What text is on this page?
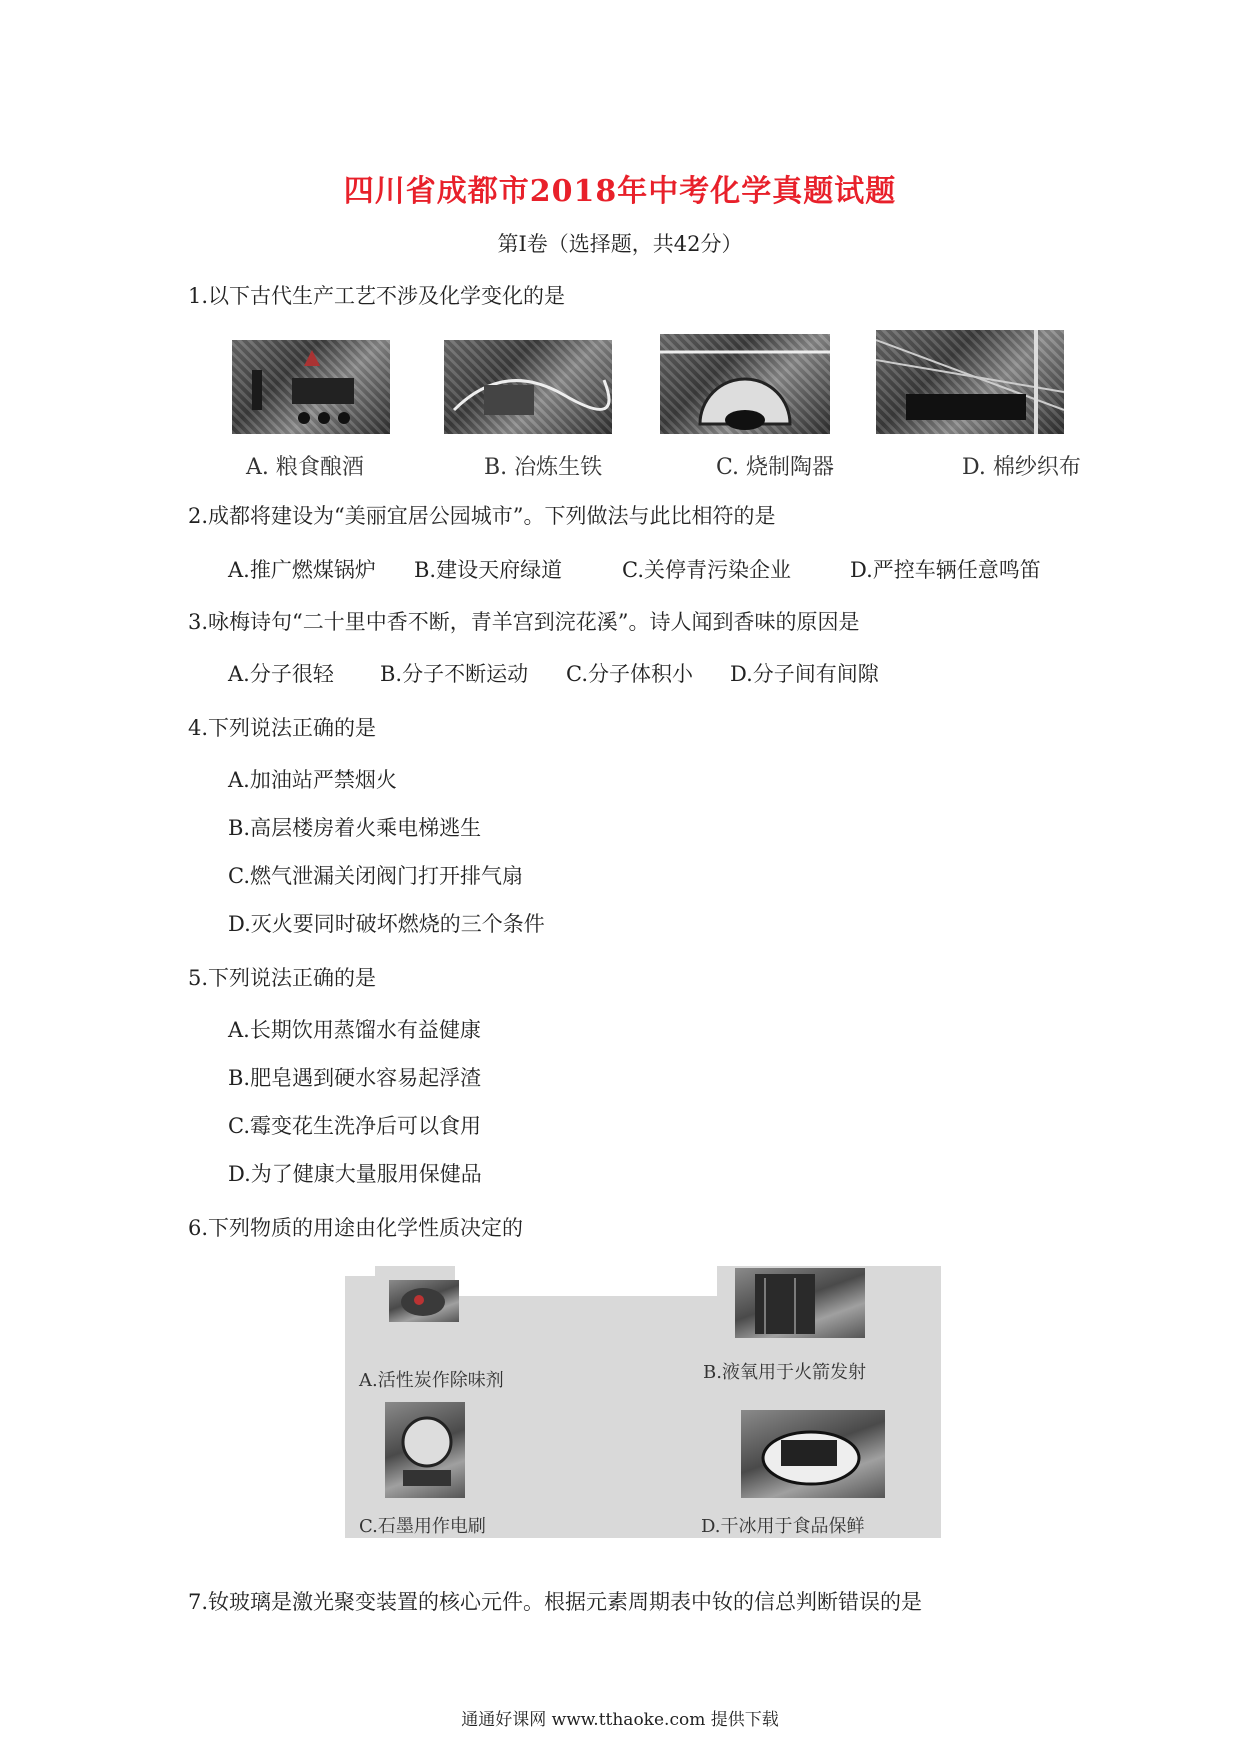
四川省成都市2018年中考化学真题试题
第Ⅰ卷（选择题，共42分）
1.以下古代生产工艺不涉及化学变化的是
A. 粮食酿酒	B. 冶炼生铁	C. 烧制陶器	D. 棉纱织布
2.成都将建设为“美丽宜居公园城市”。下列做法与此比相符的是
A.推广燃煤锅炉 B.建设天府绿道	C.关停青污染企业	D.严控车辆任意鸣笛
3.咏梅诗句“二十里中香不断，青羊宫到浣花溪”。诗人闻到香味的原因是
A.分子很轻 B.分子不断运动 C.分子体积小 D.分子间有间隙
4.下列说法正确的是
A.加油站严禁烟火
B.高层楼房着火乘电梯逃生
C.燃气泄漏关闭阀门打开排气扇
D.灭火要同时破坏燃烧的三个条件
5.下列说法正确的是
A.长期饮用蒸馏水有益健康
B.肥皂遇到硬水容易起浮渣
C.霉变花生洗净后可以食用
D.为了健康大量服用保健品
6.下列物质的用途由化学性质决定的
A.活性炭作除味剂	B.液氧用于火箭发射
C.石墨用作电刷	D.干冰用于食品保鲜
7.钕玻璃是激光聚变装置的核心元件。根据元素周期表中钕的信总判断错误的是
通通好课网 www.tthaoke.com 提供下载
